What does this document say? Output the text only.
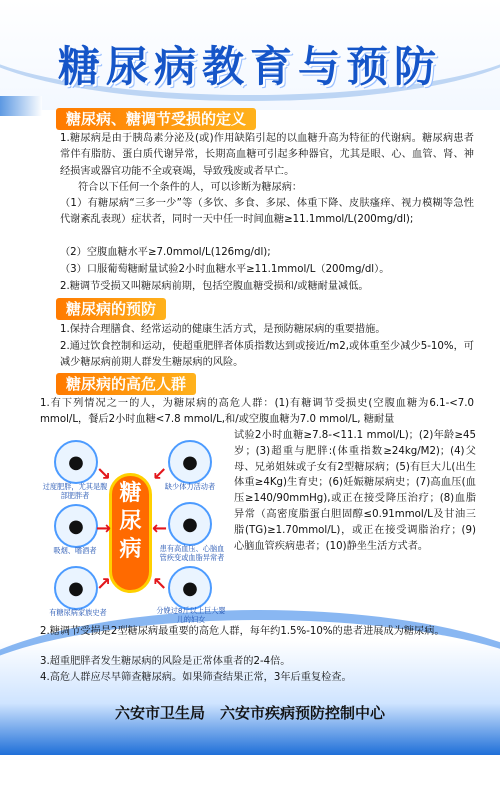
糖尿病教育与预防
糖尿病、糖调节受损的定义
1.糖尿病是由于胰岛素分泌及(或)作用缺陷引起的以血糖升高为特征的代谢病。糖尿病患者常伴有脂肪、蛋白质代谢异常，长期高血糖可引起多种器官，尤其是眼、心、血管、肾、神经损害或器官功能不全或衰竭，导致残废或者早亡。
符合以下任何一个条件的人，可以诊断为糖尿病：
（1）有糖尿病“三多一少”等（多饮、多食、多尿、体重下降、皮肤瘙痒、视力模糊等急性代谢紊乱表现）症状者，同时一天中任一时间血糖≥11.1mmol/L(200mg/dl);
（2）空腹血糖水平≥7.0mmol/L(126mg/dl);
（3）口服葡萄糖耐量试验2小时血糖水平≥11.1mmol/L（200mg/dl）。
2.糖调节受损又叫糖尿病前期，包括空腹血糖受损和/或糖耐量减低。
糖尿病的预防
1.保持合理膳食、经常运动的健康生活方式，是预防糖尿病的重要措施。
2.通过饮食控制和运动，使超重肥胖者体质指数达到或接近/m2,或体重至少减少5-10%，可减少糖尿病前期人群发生糖尿病的风险。
糖尿病的高危人群
1.有下列情况之一的人，为糖尿病的高危人群：(1)有糖调节受损史(空腹血糖为6.1-<7.0 mmol/L，餐后2小时血糖<7.8 mmol/L,和/或空腹血糖为7.0 mmol/L, 糖耐量
试验2小时血糖≥7.8-<11.1 mmol/L)；(2)年龄≥45岁；(3)超重与肥胖:(体重指数≥24kg/M2)；(4)父母、兄弟姐妹或子女有2型糖尿病；(5)有巨大儿(出生体重≥4Kg)生育史；(6)妊娠糖尿病史；(7)高血压(血压≥140/90mmHg),或正在接受降压治疗；(8)血脂异常（高密度脂蛋白胆固醇≤0.91mmol/L及甘油三脂(TG)≥1.70mmol/L)，或正在接受调脂治疗；(9)心脑血管疾病患者；(10)静坐生活方式者。
糖尿病
●
过度肥胖，尤其是腹部肥胖者
●
缺少体力活动者
●
吸烟、嗜酒者
●
患有高血压、心脑血管疾变或血脂异常者
●
有糖尿病家族史者
●
分娩过8斤以上巨大婴儿的妇女
↘ ↙
→ ←
↗ ↖
2.糖调节受损是2型糖尿病最重要的高危人群，每年约1.5%-10%的患者进展成为糖尿病。
3.超重肥胖者发生糖尿病的风险是正常体重者的2-4倍。
4.高危人群应尽早筛查糖尿病。如果筛查结果正常，3年后重复检查。
六安市卫生局　六安市疾病预防控制中心
